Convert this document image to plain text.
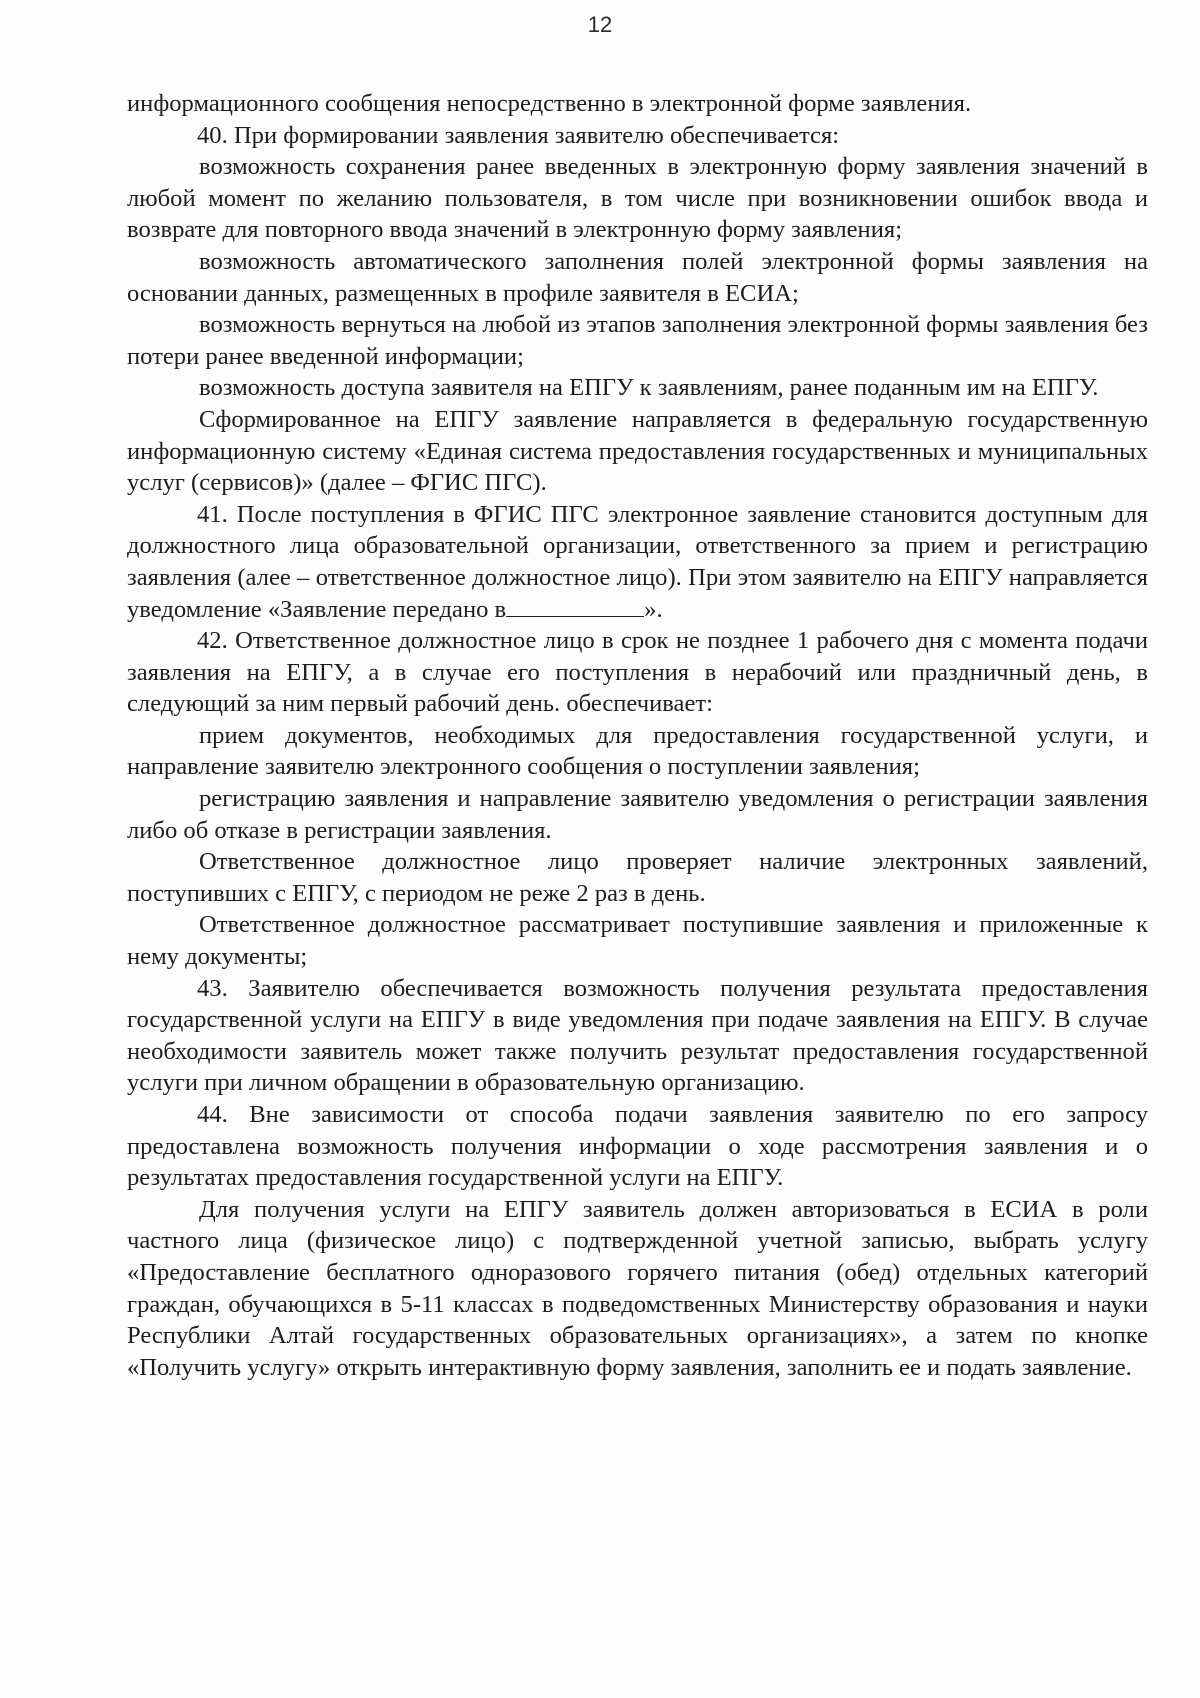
12

информационного сообщения непосредственно в электронной форме заявления.

40. При формировании заявления заявителю обеспечивается:

возможность сохранения ранее введенных в электронную форму заявления значений в любой момент по желанию пользователя, в том числе при возникновении ошибок ввода и возврате для повторного ввода значений в электронную форму заявления;

возможность автоматического заполнения полей электронной формы заявления на основании данных, размещенных в профиле заявителя в ЕСИА;

возможность вернуться на любой из этапов заполнения электронной формы заявления без потери ранее введенной информации;

возможность доступа заявителя на ЕПГУ к заявлениям, ранее поданным им на ЕПГУ.

Сформированное на ЕПГУ заявление направляется в федеральную государственную информационную систему «Единая система предоставления государственных и муниципальных услуг (сервисов)» (далее – ФГИС ПГС).

41. После поступления в ФГИС ПГС электронное заявление становится доступным для должностного лица образовательной организации, ответственного за прием и регистрацию заявления (алее – ответственное должностное лицо). При этом заявителю на ЕПГУ направляется уведомление «Заявление передано в	».

42. Ответственное должностное лицо в срок не позднее 1 рабочего дня с момента подачи заявления на ЕПГУ, а в случае его поступления в нерабочий или праздничный день, в следующий за ним первый рабочий день. обеспечивает:

прием документов, необходимых для предоставления государственной услуги, и направление заявителю электронного сообщения о поступлении заявления;

регистрацию заявления и направление заявителю уведомления о регистрации заявления либо об отказе в регистрации заявления.

Ответственное должностное лицо проверяет наличие электронных заявлений, поступивших с ЕПГУ, с периодом не реже 2 раз в день.

Ответственное должностное рассматривает поступившие заявления и приложенные к нему документы;

43. Заявителю обеспечивается возможность получения результата предоставления государственной услуги на ЕПГУ в виде уведомления при подаче заявления на ЕПГУ. В случае необходимости заявитель может также получить результат предоставления государственной услуги при личном обращении в образовательную организацию.

44. Вне зависимости от способа подачи заявления заявителю по его запросу предоставлена возможность получения информации о ходе рассмотрения заявления и о результатах предоставления государственной услуги на ЕПГУ.

Для получения услуги на ЕПГУ заявитель должен авторизоваться в ЕСИА в роли частного лица (физическое лицо) с подтвержденной учетной записью, выбрать услугу «Предоставление бесплатного одноразового горячего питания (обед) отдельных категорий граждан, обучающихся в 5-11 классах в подведомственных Министерству образования и науки Республики Алтай государственных образовательных организациях», а затем по кнопке «Получить услугу» открыть интерактивную форму заявления, заполнить ее и подать заявление.
